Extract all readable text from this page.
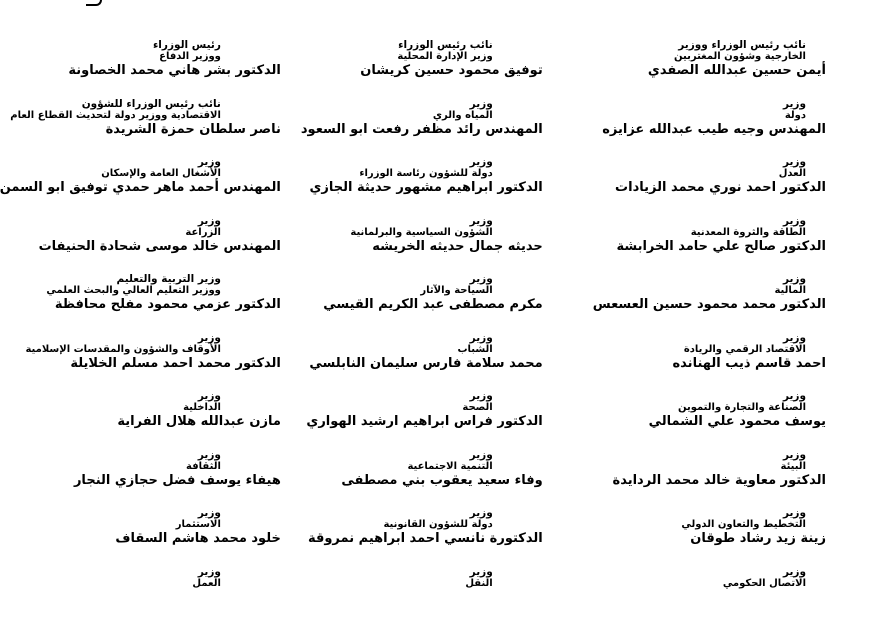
نائب رئيس الوزراء ووزير
الخارجية وشؤون المغتربين
أيمن حسين عبدالله الصفدي
نائب رئيس الوزراء
وزير الإدارة المحلية
توفيق محمود حسين كريشان
رئيس الوزراء
ووزير الدفاع
الدكتور بشر هاني محمد الخصاونة
وزير
دولة
المهندس وجيه طيب عبدالله عزايزه
وزير
المياه والري
المهندس رائد مظفر رفعت ابو السعود
نائب رئيس الوزراء للشؤون
الاقتصادية ووزير دولة لتحديث القطاع العام
ناصر سلطان حمزة الشريدة
وزير
العدل
الدكتور احمد نوري محمد الزيادات
وزير
دولة للشؤون رئاسة الوزراء
الدكتور ابراهيم مشهور حديثة الجازي
وزير
الأشغال العامة والإسكان
المهندس أحمد ماهر حمدي توفيق ابو السمن
وزير
الطاقة والثروة المعدنية
الدكتور صالح علي حامد الخرابشة
وزير
الشؤون السياسية والبرلمانية
حديثه جمال حديثه الخريشه
وزير
الزراعة
المهندس خالد موسى شحادة الحنيفات
وزير
المالية
الدكتور محمد محمود حسين العسعس
وزير
السياحة والآثار
مكرم مصطفى عبد الكريم القيسي
وزير التربية والتعليم
ووزير التعليم العالي والبحث العلمي
الدكتور عزمي محمود مفلح محافظة
وزير
الاقتصاد الرقمي والريادة
احمد قاسم ذيب الهنانده
وزير
الشباب
محمد سلامة فارس سليمان النابلسي
وزير
الأوقاف والشؤون والمقدسات الإسلامية
الدكتور محمد احمد مسلم الخلايلة
وزير
الصناعة والتجارة والتموين
يوسف محمود علي الشمالي
وزير
الصحة
الدكتور فراس ابراهيم ارشيد الهواري
وزير
الداخلية
مازن عبدالله هلال الفراية
وزير
البيئة
الدكتور معاوية خالد محمد الردايدة
وزير
التنمية الاجتماعية
وفاء سعيد يعقوب بني مصطفى
وزير
الثقافة
هيفاء يوسف فضل حجازي النجار
وزير
التخطيط والتعاون الدولي
زينة زيد رشاد طوقان
وزير
دولة للشؤون القانونية
الدكتورة نانسي احمد ابراهيم نمروقة
وزير
الاستثمار
خلود محمد هاشم السقاف
وزير
الاتصال الحكومي
وزير
النقل
وزير
العمل
